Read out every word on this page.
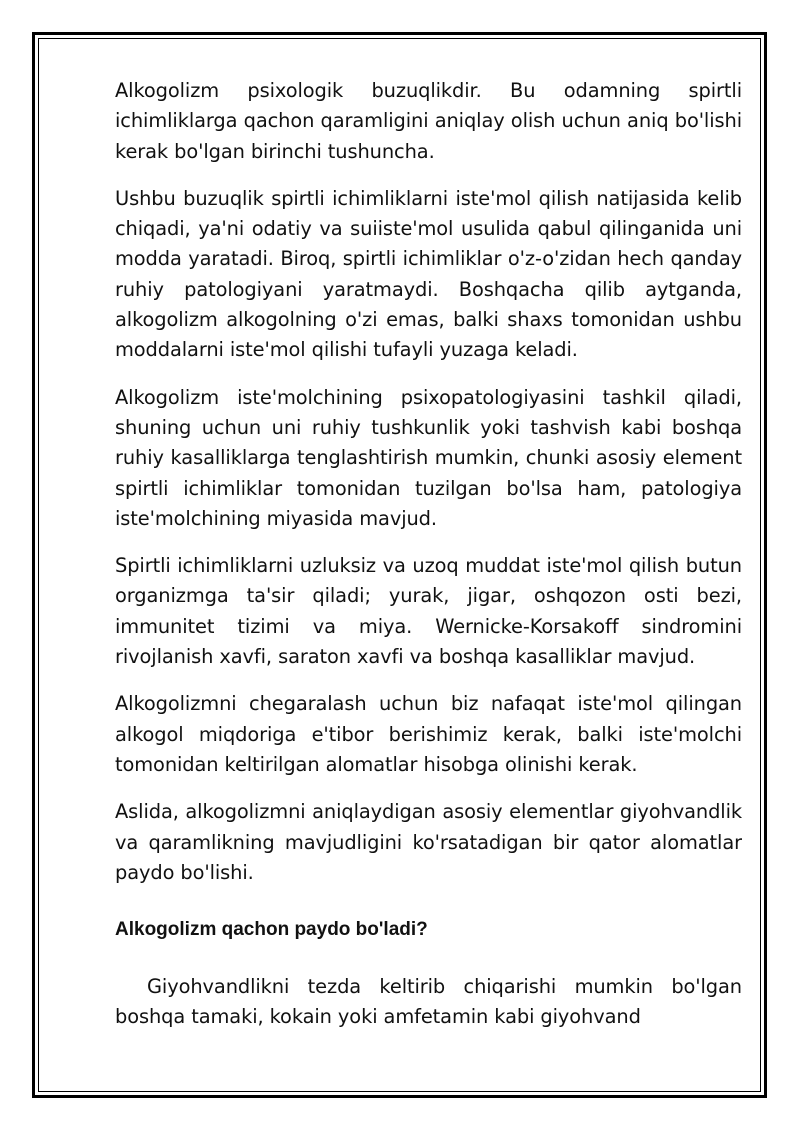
Alkogolizm psixologik buzuqlikdir. Bu odamning spirtli ichimliklarga qachon qaramligini aniqlay olish uchun aniq bo'lishi kerak bo'lgan birinchi tushuncha.

Ushbu buzuqlik spirtli ichimliklarni iste'mol qilish natijasida kelib chiqadi, ya'ni odatiy va suiiste'mol usulida qabul qilinganida uni modda yaratadi. Biroq, spirtli ichimliklar o'z-o'zidan hech qanday ruhiy patologiyani yaratmaydi. Boshqacha qilib aytganda, alkogolizm alkogolning o'zi emas, balki shaxs tomonidan ushbu moddalarni iste'mol qilishi tufayli yuzaga keladi.

Alkogolizm iste'molchining psixopatologiyasini tashkil qiladi, shuning uchun uni ruhiy tushkunlik yoki tashvish kabi boshqa ruhiy kasalliklarga tenglashtirish mumkin, chunki asosiy element spirtli ichimliklar tomonidan tuzilgan bo'lsa ham, patologiya iste'molchining miyasida mavjud.

Spirtli ichimliklarni uzluksiz va uzoq muddat iste'mol qilish butun organizmga ta'sir qiladi; yurak, jigar, oshqozon osti bezi, immunitet tizimi va miya. Wernicke-Korsakoff sindromini rivojlanish xavfi, saraton xavfi va boshqa kasalliklar mavjud.

Alkogolizmni chegaralash uchun biz nafaqat iste'mol qilingan alkogol miqdoriga e'tibor berishimiz kerak, balki iste'molchi tomonidan keltirilgan alomatlar hisobga olinishi kerak.

Aslida, alkogolizmni aniqlaydigan asosiy elementlar giyohvandlik va qaramlikning mavjudligini ko'rsatadigan bir qator alomatlar paydo bo'lishi.

Alkogolizm qachon paydo bo'ladi?

Giyohvandlikni tezda keltirib chiqarishi mumkin bo'lgan boshqa tamaki, kokain yoki amfetamin kabi giyohvand
